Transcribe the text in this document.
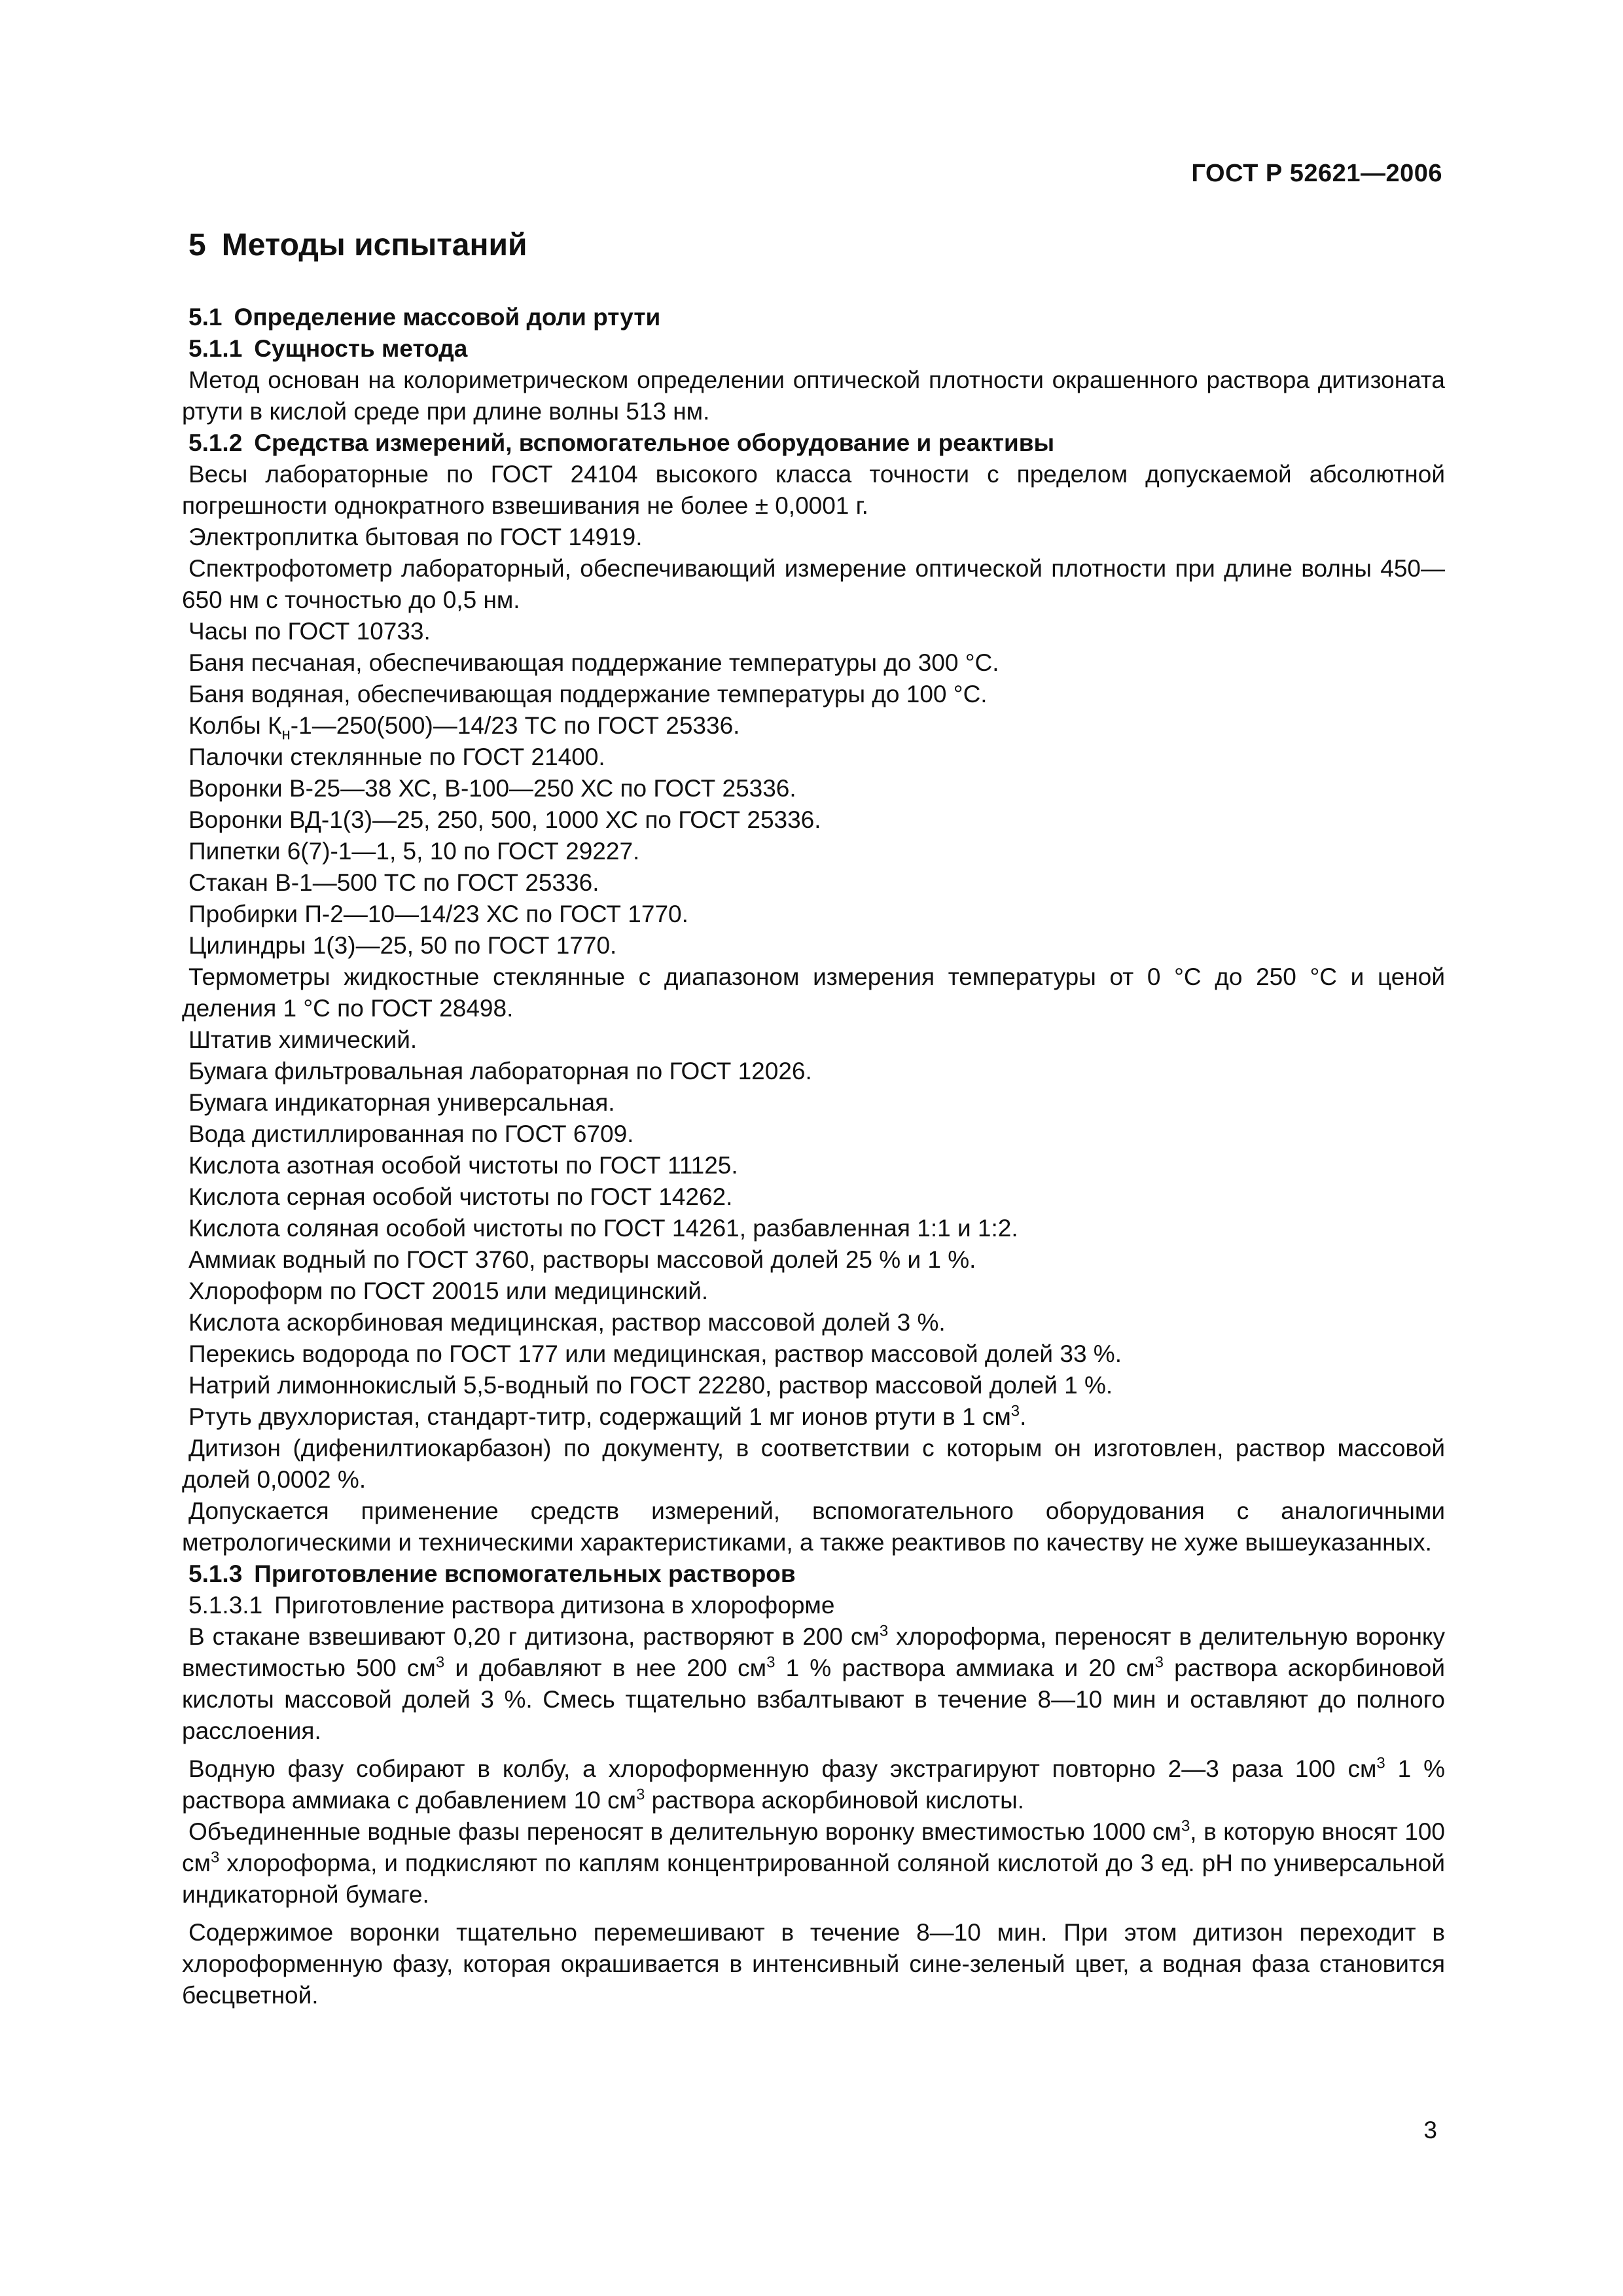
ГОСТ Р 52621—2006
5 Методы испытаний

5.1 Определение массовой доли ртути

5.1.1 Сущность метода

Метод основан на колориметрическом определении оптической плотности окрашенного раствора дитизоната ртути в кислой среде при длине волны 513 нм.

5.1.2 Средства измерений, вспомогательное оборудование и реактивы

Весы лабораторные по ГОСТ 24104 высокого класса точности с пределом допускаемой абсолютной погрешности однократного взвешивания не более ± 0,0001 г.

Электроплитка бытовая по ГОСТ 14919.

Спектрофотометр лабораторный, обеспечивающий измерение оптической плотности при длине волны 450—650 нм с точностью до 0,5 нм.

Часы по ГОСТ 10733.

Баня песчаная, обеспечивающая поддержание температуры до 300 °С.

Баня водяная, обеспечивающая поддержание температуры до 100 °С.

Колбы $К_н-1—250(500)—14/23$ ТС по ГОСТ 25336.

Палочки стеклянные по ГОСТ 21400.

Воронки В-25—38 ХС, В-100—250 ХС по ГОСТ 25336.

Воронки ВД-1(3)—25, 250, 500, 1000 ХС по ГОСТ 25336.

Пипетки 6(7)-1—1, 5, 10 по ГОСТ 29227.

Стакан В-1—500 ТС по ГОСТ 25336.

Пробирки П-2—10—14/23 ХС по ГОСТ 1770.

Цилиндры 1(3)—25, 50 по ГОСТ 1770.

Термометры жидкостные стеклянные с диапазоном измерения температуры от 0 °С до 250 °С и ценой деления 1 °С по ГОСТ 28498.

Штатив химический.

Бумага фильтровальная лабораторная по ГОСТ 12026.

Бумага индикаторная универсальная.

Вода дистиллированная по ГОСТ 6709.

Кислота азотная особой чистоты по ГОСТ 11125.

Кислота серная особой чистоты по ГОСТ 14262.

Кислота соляная особой чистоты по ГОСТ 14261, разбавленная 1:1 и 1:2.

Аммиак водный по ГОСТ 3760, растворы массовой долей 25 % и 1 %.

Хлороформ по ГОСТ 20015 или медицинский.

Кислота аскорбиновая медицинская, раствор массовой долей 3 %.

Перекись водорода по ГОСТ 177 или медицинская, раствор массовой долей 33 %.

Натрий лимоннокислый 5,5-водный по ГОСТ 22280, раствор массовой долей 1 %.

Ртуть двухлористая, стандарт-титр, содержащий 1 мг ионов ртути в 1 $см^3$.

Дитизон (дифенилтиокарбазон) по документу, в соответствии с которым он изготовлен, раствор массовой долей 0,0002 %.

Допускается применение средств измерений, вспомогательного оборудования с аналогичными метрологическими и техническими характеристиками, а также реактивов по качеству не хуже вышеуказанных.

5.1.3 Приготовление вспомогательных растворов

5.1.3.1 Приготовление раствора дитизона в хлороформе

В стакане взвешивают 0,20 г дитизона, растворяют в 200 $см^3$ хлороформа, переносят в делительную воронку вместимостью 500 $см^3$ и добавляют в нее 200 $см^3$ 1 % раствора аммиака и 20 $см^3$ раствора аскорбиновой кислоты массовой долей 3 %. Смесь тщательно взбалтывают в течение 8—10 мин и оставляют до полного расслоения.

Водную фазу собирают в колбу, а хлороформенную фазу экстрагируют повторно 2—3 раза 100 $см^3$ 1 % раствора аммиака с добавлением 10 $см^3$ раствора аскорбиновой кислоты.

Объединенные водные фазы переносят в делительную воронку вместимостью 1000 $см^3$, в которую вносят 100 $см^3$ хлороформа, и подкисляют по каплям концентрированной соляной кислотой до 3 ед. рН по универсальной индикаторной бумаге.

Содержимое воронки тщательно перемешивают в течение 8—10 мин. При этом дитизон переходит в хлороформенную фазу, которая окрашивается в интенсивный сине-зеленый цвет, а водная фаза становится бесцветной.

3
